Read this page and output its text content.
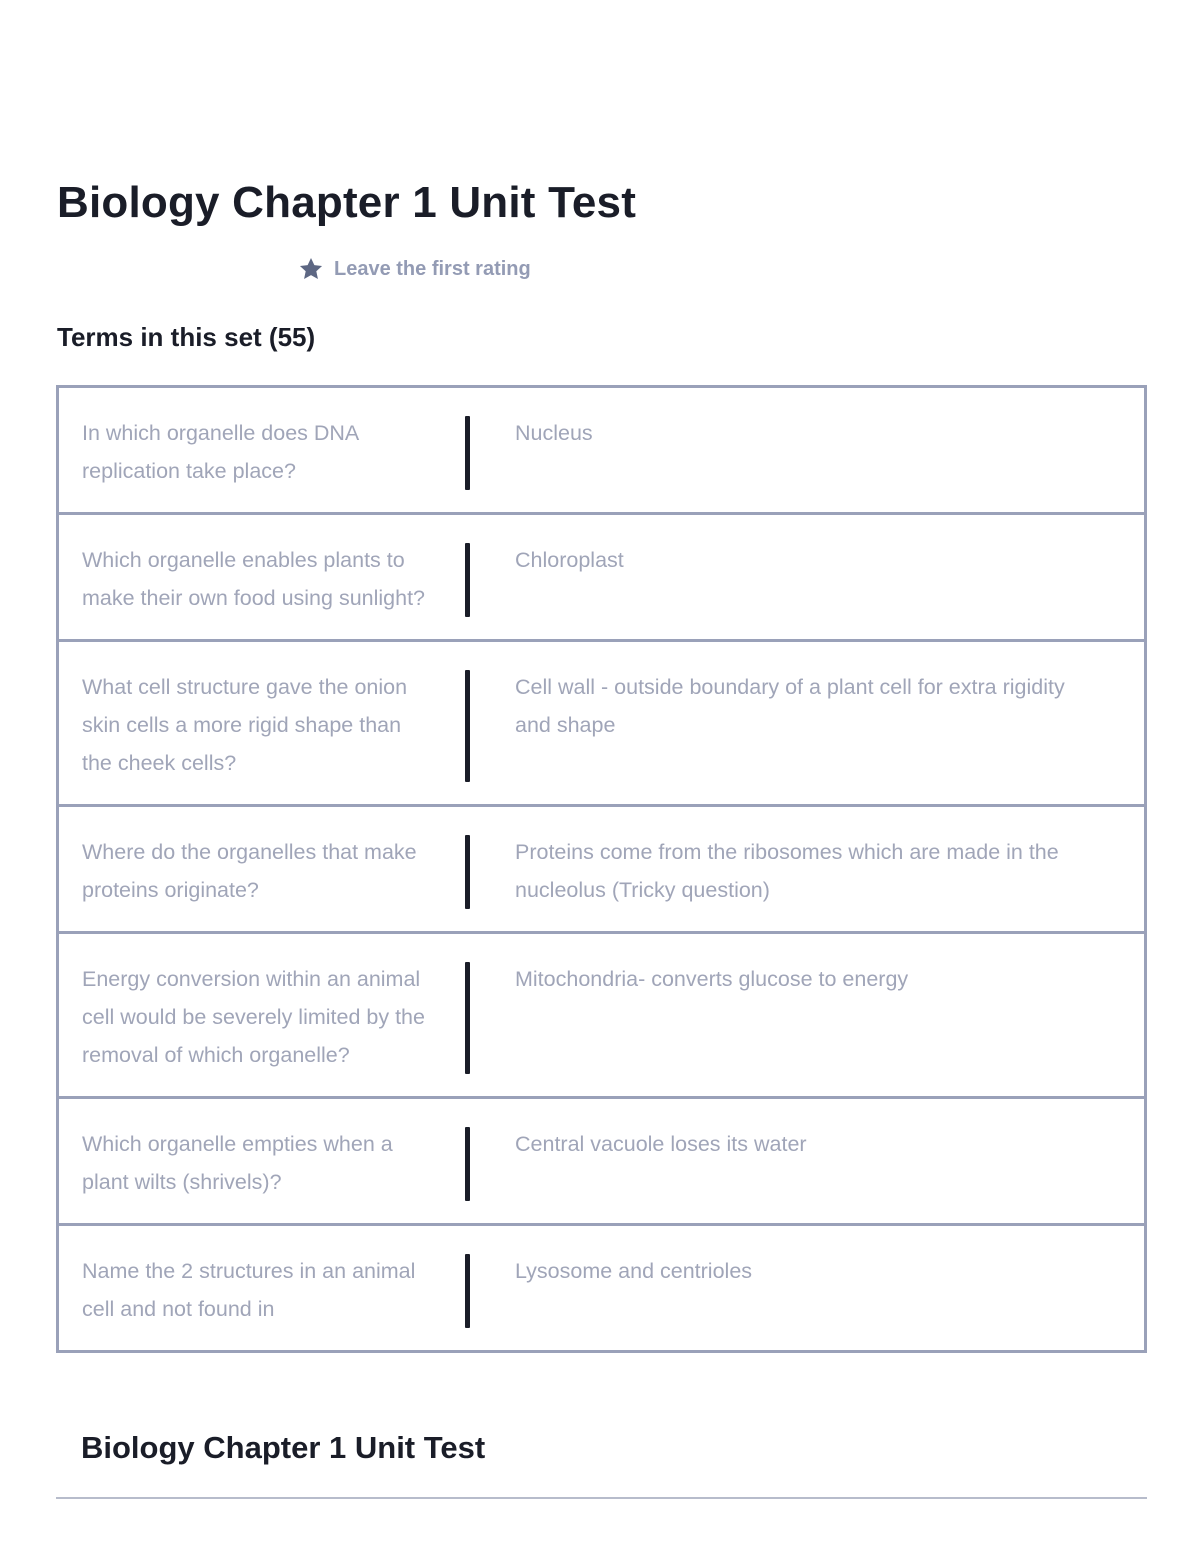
Biology Chapter 1 Unit Test
Leave the first rating
Terms in this set (55)
In which organelle does DNA replication take place?
Nucleus
Which organelle enables plants to make their own food using sunlight?
Chloroplast
What cell structure gave the onion skin cells a more rigid shape than the cheek cells?
Cell wall - outside boundary of a plant cell for extra rigidity and shape
Where do the organelles that make proteins originate?
Proteins come from the ribosomes which are made in the nucleolus (Tricky question)
Energy conversion within an animal cell would be severely limited by the removal of which organelle?
Mitochondria- converts glucose to energy
Which organelle empties when a plant wilts (shrivels)?
Central vacuole loses its water
Name the 2 structures in an animal cell and not found in
Lysosome and centrioles
Biology Chapter 1 Unit Test
